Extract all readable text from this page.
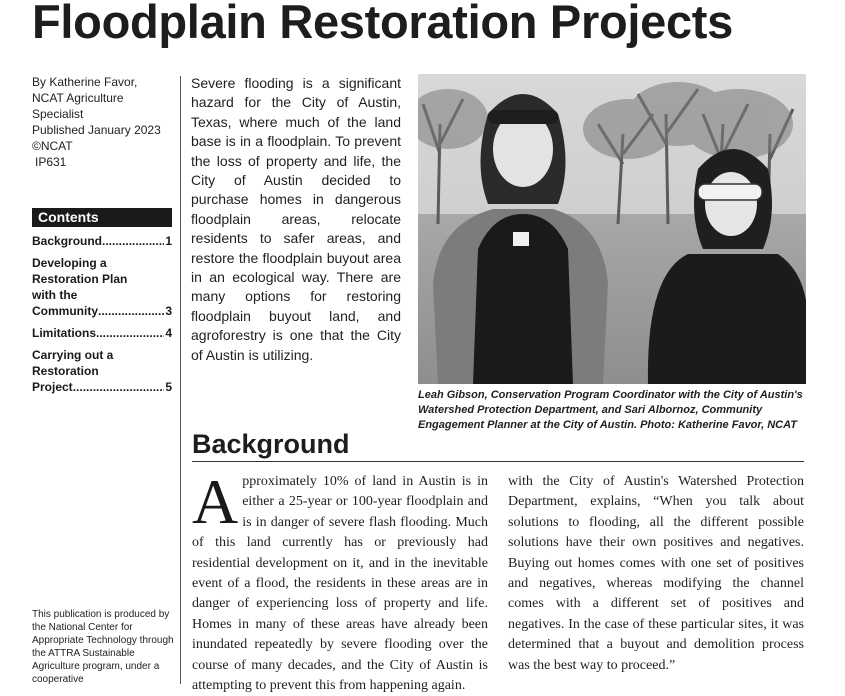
Floodplain Restoration Projects
By Katherine Favor,
NCAT Agriculture
Specialist
Published January 2023
©NCAT
IP631
Contents
Background .....	1
Developing a
Restoration Plan
with the
Community .....	3
Limitations .....	4
Carrying out a
Restoration
Project .....	5
This publication is produced by the National Center for Appropriate Technology through the ATTRA Sustainable Agriculture program, under a cooperative
Severe flooding is a significant hazard for the City of Austin, Texas, where much of the land base is in a floodplain. To prevent the loss of property and life, the City of Austin decided to purchase homes in dangerous floodplain areas, relocate residents to safer areas, and restore the floodplain buyout area in an ecological way. There are many options for restoring floodplain buyout land, and agroforestry is one that the City of Austin is utilizing.
Leah Gibson, Conservation Program Coordinator with the City of Austin's Watershed Protection Department, and Sari Albornoz, Community Engagement Planner at the City of Austin. Photo: Katherine Favor, NCAT
Background
Approximately 10% of land in Austin is in either a 25-year or 100-year floodplain and is in danger of severe flash flooding. Much of this land currently has or previously had residential development on it, and in the inevitable event of a flood, the residents in these areas are in danger of experiencing loss of property and life. Homes in many of these areas have already been inundated repeatedly by severe flooding over the course of many decades, and the City of Austin is attempting to prevent this from happening again.
with the City of Austin's Watershed Protection Department, explains, “When you talk about solutions to flooding, all the different possible solutions have their own positives and negatives. Buying out homes comes with one set of positives and negatives, whereas modifying the channel comes with a different set of positives and negatives. In the case of these particular sites, it was determined that a buyout and demolition process was the best way to proceed.”
